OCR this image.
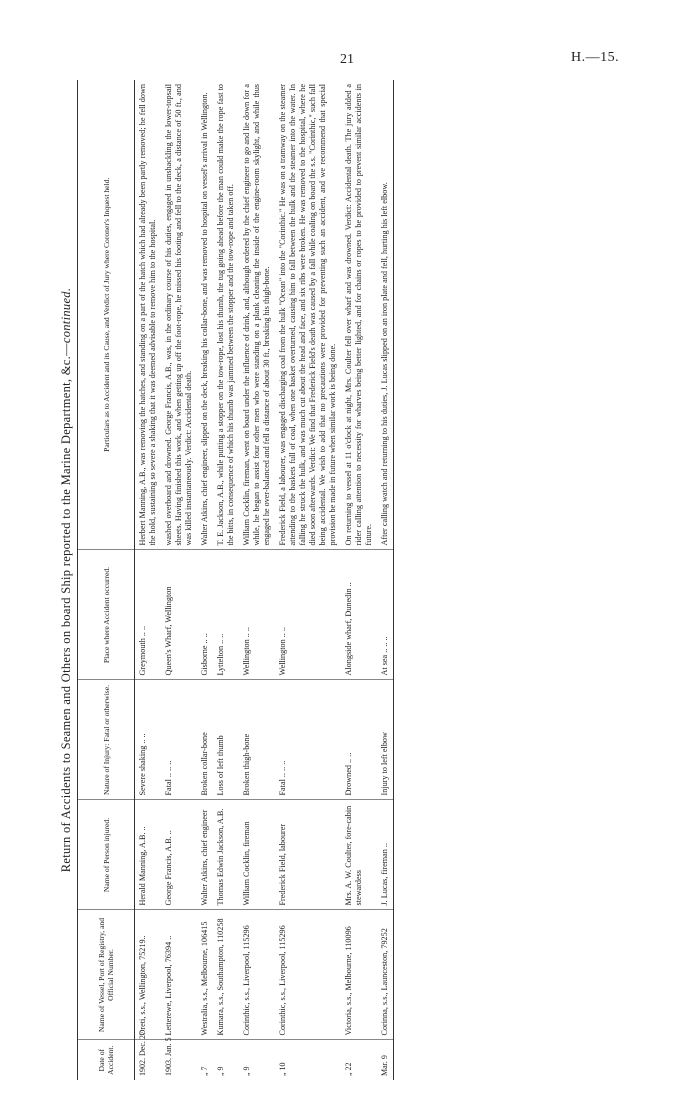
21	H.—15.
Return of Accidents to Seamen and Others on board Ship reported to the Marine Department, &c.—continued.
Date of Accident.	Name of Vessel, Port of Registry, and Official Number.	Name of Person injured.	Nature of Injury: Fatal or otherwise.	Place where Accident occurred.	Particulars as to Accident and its Cause, and Verdict of Jury where Coroner's Inquest held.
1902. Dec. 27	Oreti, s.s., Wellington, 75219..	Herald Manning, A.B. ..	Severe shaking .. ..	Greymouth .. ..	Herbert Manning, A.B., was removing the hatches, and standing on a part of the hatch which had already been partly removed; he fell down the hold, sustaining so severe a shaking that it was deemed advisable to remove him to the hospital.
1903. Jan. 5	Letterewe, Liverpool, 76394 ..	George Francis, A.B. ..	Fatal .. .. ..	Queen's Wharf, Wellington	washed overboard and drowned. George Francis, A.B., was, in the ordinary course of his duties, engaged in unshackling the lower-topsail sheets. Having finished this work, and when getting up off the foot-rope, he missed his footing and fell to the deck, a distance of 50 ft., and was killed instantaneously. Verdict: Accidental death.
„ 7	Westralia, s.s., Melbourne, 106415	Walter Atkins, chief engineer	Broken collar-bone	Gisborne .. ..	Walter Atkins, chief engineer, slipped on the deck, breaking his collar-bone, and was removed to hospital on vessel's arrival in Wellington.
„ 9	Kumara, s.s., Southampton, 110258	Thomas Edwin Jackson, A.B.	Loss of left thumb	Lyttelton .. ..	T. E. Jackson, A.B., while putting a stopper on the tow-rope, lost his thumb, the tug going ahead before the man could make the rope fast to the bitts, in consequence of which his thumb was jammed between the stopper and the tow-rope and taken off.
„ 9	Corinthic, s.s., Liverpool, 115296	William Cocklin, fireman	Broken thigh-bone	Wellington .. ..	William Cocklin, fireman, went on board under the influence of drink, and, although ordered by the chief engineer to go and lie down for a while, he began to assist four other men who were standing on a plank cleaning the inside of the engine-room skylight, and while thus engaged he over-balanced and fell a distance of about 30 ft., breaking his thigh-bone.
„ 10	Corinthic, s.s., Liverpool, 115296	Frederick Field, labourer	Fatal .. .. ..	Wellington .. ..	Frederick Field, a labourer, was engaged discharging coal from the hulk "Ocean" into the "Corinthic." He was on a tramway on the steamer attending to the baskets full of coal, when one basket overturned, causing him to fall between the hulk and the steamer into the water. In falling he struck the hulk, and was much cut about the head and face, and six ribs were broken. He was removed to the hospital, where he died soon afterwards. Verdict: We find that Frederick Field's death was caused by a fall while coaling on board the s.s. "Corinthic," such fall being accidental. We wish to add that no precautions were provided for preventing such an accident, and we recommend that special provision be made in future when similar work is being done.
„ 22	Victoria, s.s., Melbourne, 110096	Mrs. A. W. Coulter, fore-cabin stewardess	Drowned .. ..	Alongside wharf, Dunedin ..	On returning to vessel at 11 o'clock at night, Mrs. Coulter fell over wharf and was drowned. Verdict: Accidental death. The jury added a rider calling attention to necessity for wharves being better lighted, and for chains or ropes to be provided to prevent similar accidents in future.
Mar. 9	Corinna, s.s., Launceston, 79252	J. Lucas, fireman ..	Injury to left elbow	At sea .. .. ..	After calling watch and returning to his duties, J. Lucas slipped on an iron plate and fell, hurting his left elbow.
